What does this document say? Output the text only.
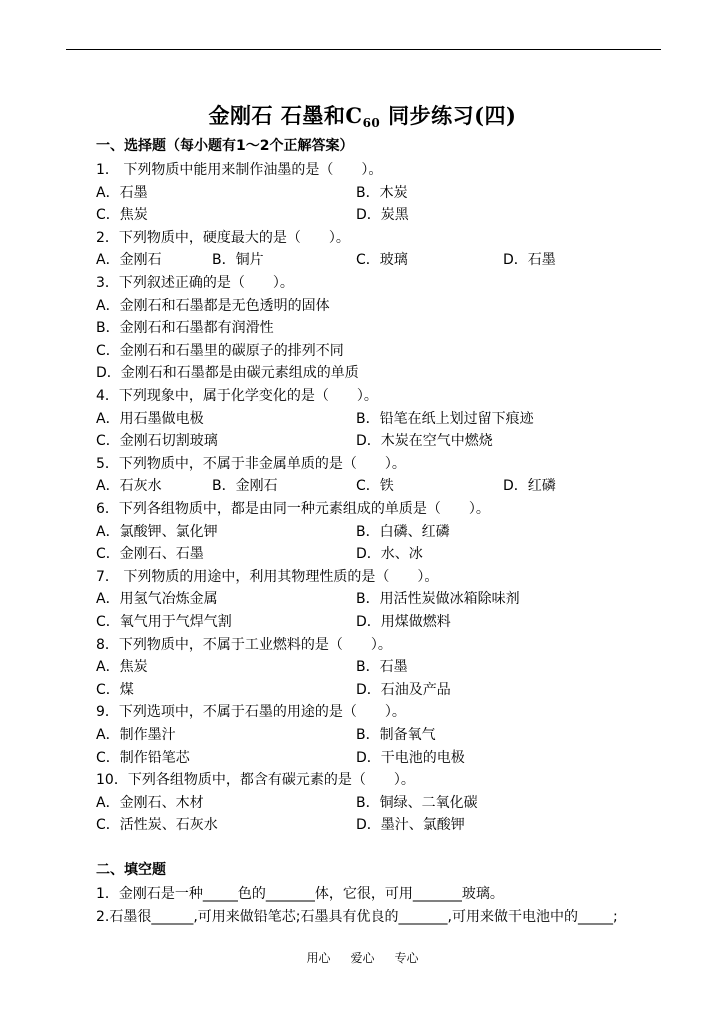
金刚石 石墨和$C_{60}$ 同步练习(四)
一、选择题（每小题有1～2个正解答案）
1． 下列物质中能用来制作油墨的是（　　）。
A．石墨	B．木炭
C．焦炭	D．炭黑
2．下列物质中，硬度最大的是（　　）。
A．金刚石	B．铜片	C．玻璃	D．石墨
3．下列叙述正确的是（　　）。
A．金刚石和石墨都是无色透明的固体
B．金刚石和石墨都有润滑性
C．金刚石和石墨里的碳原子的排列不同
D．金刚石和石墨都是由碳元素组成的单质
4．下列现象中，属于化学变化的是（　　）。
A．用石墨做电极	B．铅笔在纸上划过留下痕迹
C．金刚石切割玻璃	D．木炭在空气中燃烧
5．下列物质中，不属于非金属单质的是（　　）。
A．石灰水	B．金刚石	C．铁	D．红磷
6．下列各组物质中，都是由同一种元素组成的单质是（　　）。
A．氯酸钾、氯化钾	B．白磷、红磷
C．金刚石、石墨	D．水、冰
7． 下列物质的用途中，利用其物理性质的是（　　）。
A．用氢气冶炼金属	B．用活性炭做冰箱除味剂
C．氧气用于气焊气割	D．用煤做燃料
8．下列物质中，不属于工业燃料的是（　　）。
A．焦炭	B．石墨
C．煤	D．石油及产品
9．下列选项中，不属于石墨的用途的是（　　）。
A．制作墨汁	B．制备氧气
C．制作铅笔芯	D．干电池的电极
10．下列各组物质中，都含有碳元素的是（　　）。
A．金刚石、木材	B．铜绿、二氧化碳
C．活性炭、石灰水	D．墨汁、氯酸钾
二、填空题
1．金刚石是一种_____色的_______体，它很，可用_______玻璃。
2.石墨很______,可用来做铅笔芯;石墨具有优良的_______,可用来做干电池中的_____;
用心 爱心 专心
